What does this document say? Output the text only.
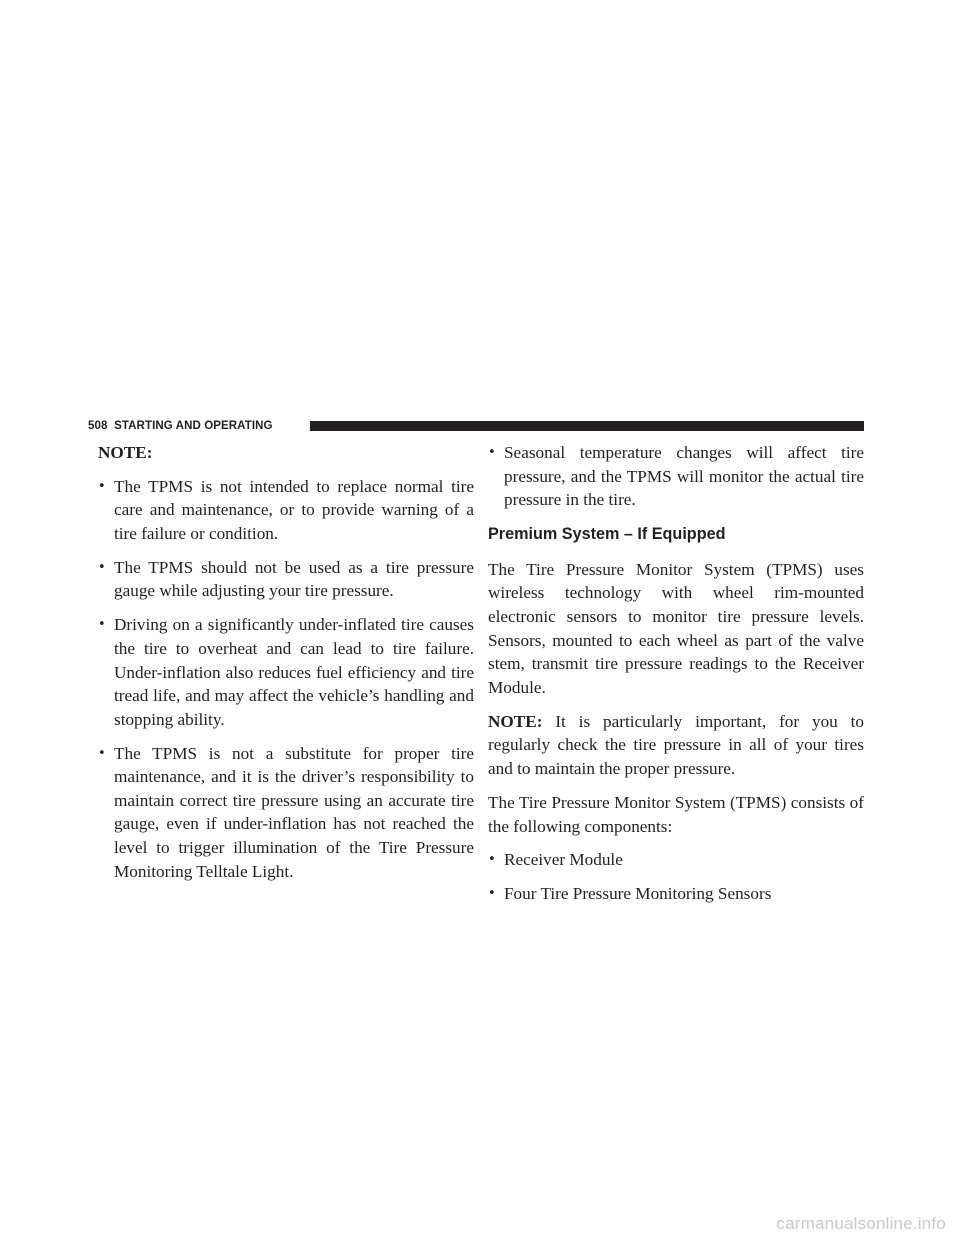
508 STARTING AND OPERATING

NOTE:

• The TPMS is not intended to replace normal tire care and maintenance, or to provide warning of a tire failure or condition.
• The TPMS should not be used as a tire pressure gauge while adjusting your tire pressure.
• Driving on a significantly under-inflated tire causes the tire to overheat and can lead to tire failure. Under-inflation also reduces fuel efficiency and tire tread life, and may affect the vehicle’s handling and stopping ability.
• The TPMS is not a substitute for proper tire maintenance, and it is the driver’s responsibility to maintain correct tire pressure using an accurate tire gauge, even if under-inflation has not reached the level to trigger illumination of the Tire Pressure Monitoring Telltale Light.
• Seasonal temperature changes will affect tire pressure, and the TPMS will monitor the actual tire pressure in the tire.
Premium System – If Equipped

The Tire Pressure Monitor System (TPMS) uses wireless technology with wheel rim-mounted electronic sensors to monitor tire pressure levels. Sensors, mounted to each wheel as part of the valve stem, transmit tire pressure readings to the Receiver Module.

NOTE: It is particularly important, for you to regularly check the tire pressure in all of your tires and to maintain the proper pressure.

The Tire Pressure Monitor System (TPMS) consists of the following components:

• Receiver Module
• Four Tire Pressure Monitoring Sensors
carmanualsonline.info
